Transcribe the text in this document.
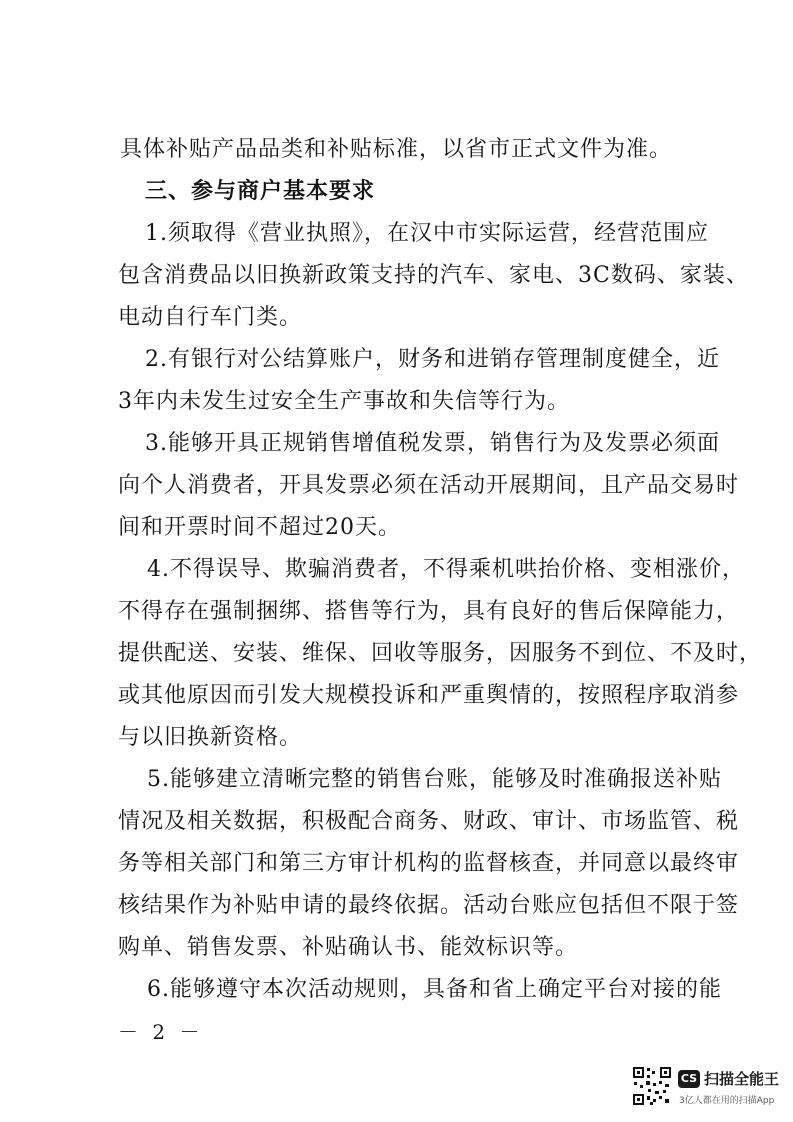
具体补贴产品品类和补贴标准，以省市正式文件为准。
三、参与商户基本要求
1.须取得《营业执照》，在汉中市实际运营，经营范围应
包含消费品以旧换新政策支持的汽车、家电、3C数码、家装、
电动自行车门类。
2.有银行对公结算账户，财务和进销存管理制度健全，近
3年内未发生过安全生产事故和失信等行为。
3.能够开具正规销售增值税发票，销售行为及发票必须面
向个人消费者，开具发票必须在活动开展期间，且产品交易时
间和开票时间不超过20天。
4.不得误导、欺骗消费者，不得乘机哄抬价格、变相涨价，
不得存在强制捆绑、搭售等行为，具有良好的售后保障能力，
提供配送、安装、维保、回收等服务，因服务不到位、不及时，
或其他原因而引发大规模投诉和严重舆情的，按照程序取消参
与以旧换新资格。
5.能够建立清晰完整的销售台账，能够及时准确报送补贴
情况及相关数据，积极配合商务、财政、审计、市场监管、税
务等相关部门和第三方审计机构的监督核查，并同意以最终审
核结果作为补贴申请的最终依据。活动台账应包括但不限于签
购单、销售发票、补贴确认书、能效标识等。
6.能够遵守本次活动规则，具备和省上确定平台对接的能
－ 2 －
CS 扫描全能王
3亿人都在用的扫描App
